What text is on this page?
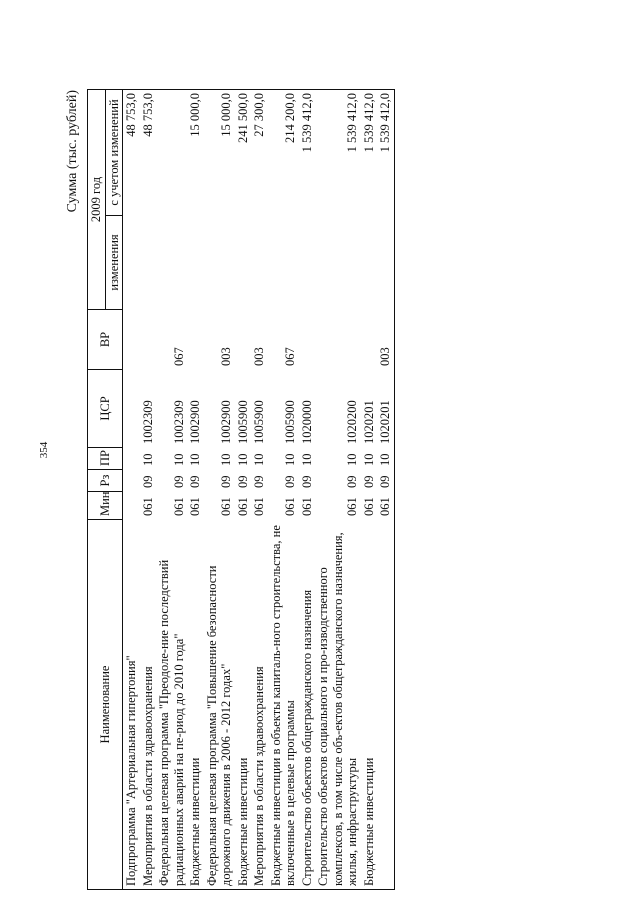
354
Сумма (тыс. рублей)
Наименование	Мин	Рз	ПР	ЦСР	ВР	2009 год	
						изменения	с учетом изменений
Подпрограмма "Артериальная гипертония"							48 753,0
Мероприятия в области здравоохранения	061	09	10	1002309			48 753,0
Федеральная целевая программа "Преодоле-ние последствий радиационных аварий на пе-риод до 2010 года"	061	09	10	1002309	067		
Бюджетные инвестиции	061	09	10	1002900			15 000,0
Федеральная целевая программа "Повышение безопасности дорожного движения в 2006 - 2012 годах"	061	09	10	1002900	003		15 000,0
Бюджетные инвестиции	061	09	10	1005900			241 500,0
Мероприятия в области здравоохранения	061	09	10	1005900	003		27 300,0
Бюджетные инвестиции в объекты капиталь-ного строительства, не включенные в целевые программы	061	09	10	1005900	067		214 200,0
Строительство объектов общегражданского назначения	061	09	10	1020000			1 539 412,0
Строительство объектов социального и про-изводственного комплексов, в том числе объ-ектов общегражданского назначения, жилья, инфраструктуры	061	09	10	1020200			1 539 412,0
Бюджетные инвестиции	061	09	10	1020201			1 539 412,0
	061	09	10	1020201	003		1 539 412,0
